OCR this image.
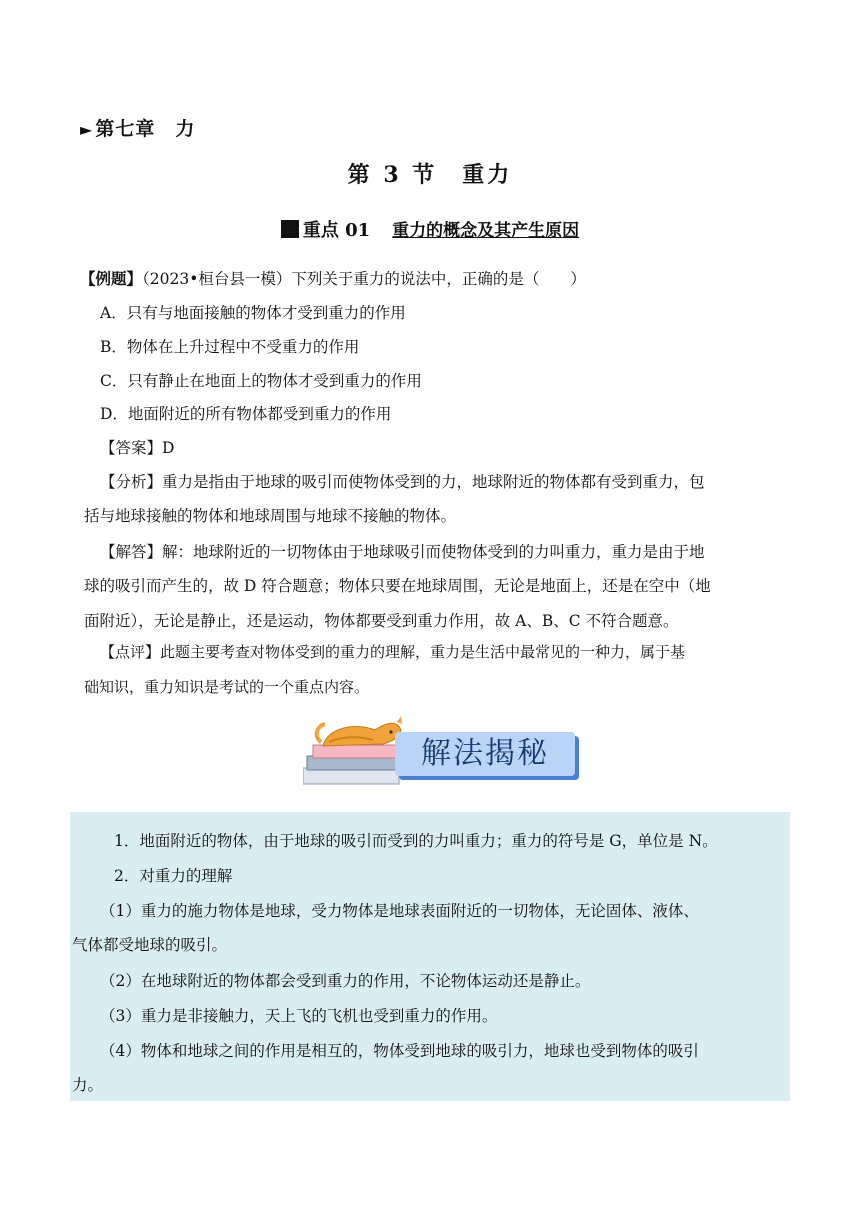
► 第七章　力
第 3 节　重力
重点 01 重力的概念及其产生原因
【例题】（2023•桓台县一模）下列关于重力的说法中，正确的是（　　）
A．只有与地面接触的物体才受到重力的作用
B．物体在上升过程中不受重力的作用
C．只有静止在地面上的物体才受到重力的作用
D．地面附近的所有物体都受到重力的作用
【答案】D
【分析】重力是指由于地球的吸引而使物体受到的力，地球附近的物体都有受到重力，包
括与地球接触的物体和地球周围与地球不接触的物体。
【解答】解：地球附近的一切物体由于地球吸引而使物体受到的力叫重力，重力是由于地
球的吸引而产生的，故 D 符合题意；物体只要在地球周围，无论是地面上，还是在空中（地
面附近），无论是静止，还是运动，物体都要受到重力作用，故 A、B、C 不符合题意。
【点评】此题主要考查对物体受到的重力的理解，重力是生活中最常见的一种力，属于基
础知识，重力知识是考试的一个重点内容。
解法揭秘
1．地面附近的物体，由于地球的吸引而受到的力叫重力；重力的符号是 G，单位是 N。
2．对重力的理解
（1）重力的施力物体是地球，受力物体是地球表面附近的一切物体，无论固体、液体、
气体都受地球的吸引。
（2）在地球附近的物体都会受到重力的作用，不论物体运动还是静止。
（3）重力是非接触力，天上飞的飞机也受到重力的作用。
（4）物体和地球之间的作用是相互的，物体受到地球的吸引力，地球也受到物体的吸引
力。
